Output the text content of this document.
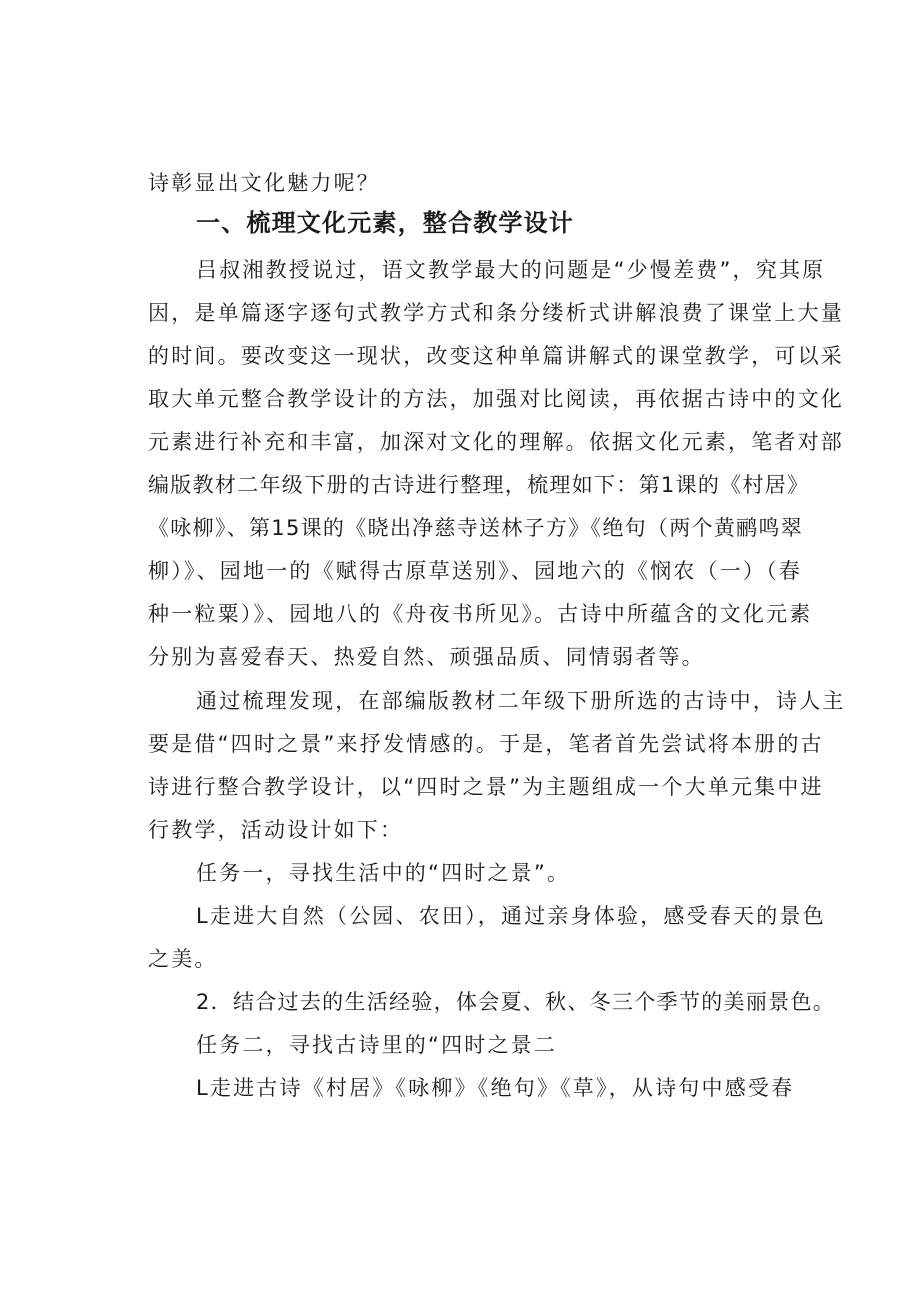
诗彰显出文化魅力呢？
一、梳理文化元素，整合教学设计
吕叔湘教授说过，语文教学最大的问题是“少慢差费”，究其原
因，是单篇逐字逐句式教学方式和条分缕析式讲解浪费了课堂上大量
的时间。要改变这一现状，改变这种单篇讲解式的课堂教学，可以采
取大单元整合教学设计的方法，加强对比阅读，再依据古诗中的文化
元素进行补充和丰富，加深对文化的理解。依据文化元素，笔者对部
编版教材二年级下册的古诗进行整理，梳理如下：第1课的《村居》
《咏柳》、第15课的《晓出净慈寺送林子方》《绝句（两个黄鹂鸣翠
柳）》、园地一的《赋得古原草送别》、园地六的《悯农（一）（春
种一粒粟）》、园地八的《舟夜书所见》。古诗中所蕴含的文化元素
分别为喜爱春天、热爱自然、顽强品质、同情弱者等。
通过梳理发现，在部编版教材二年级下册所选的古诗中，诗人主
要是借“四时之景”来抒发情感的。于是，笔者首先尝试将本册的古
诗进行整合教学设计，以“四时之景”为主题组成一个大单元集中进
行教学，活动设计如下：
任务一，寻找生活中的“四时之景”。
L走进大自然（公园、农田），通过亲身体验，感受春天的景色
之美。
2．结合过去的生活经验，体会夏、秋、冬三个季节的美丽景色。
任务二，寻找古诗里的“四时之景二
L走进古诗《村居》《咏柳》《绝句》《草》，从诗句中感受春
